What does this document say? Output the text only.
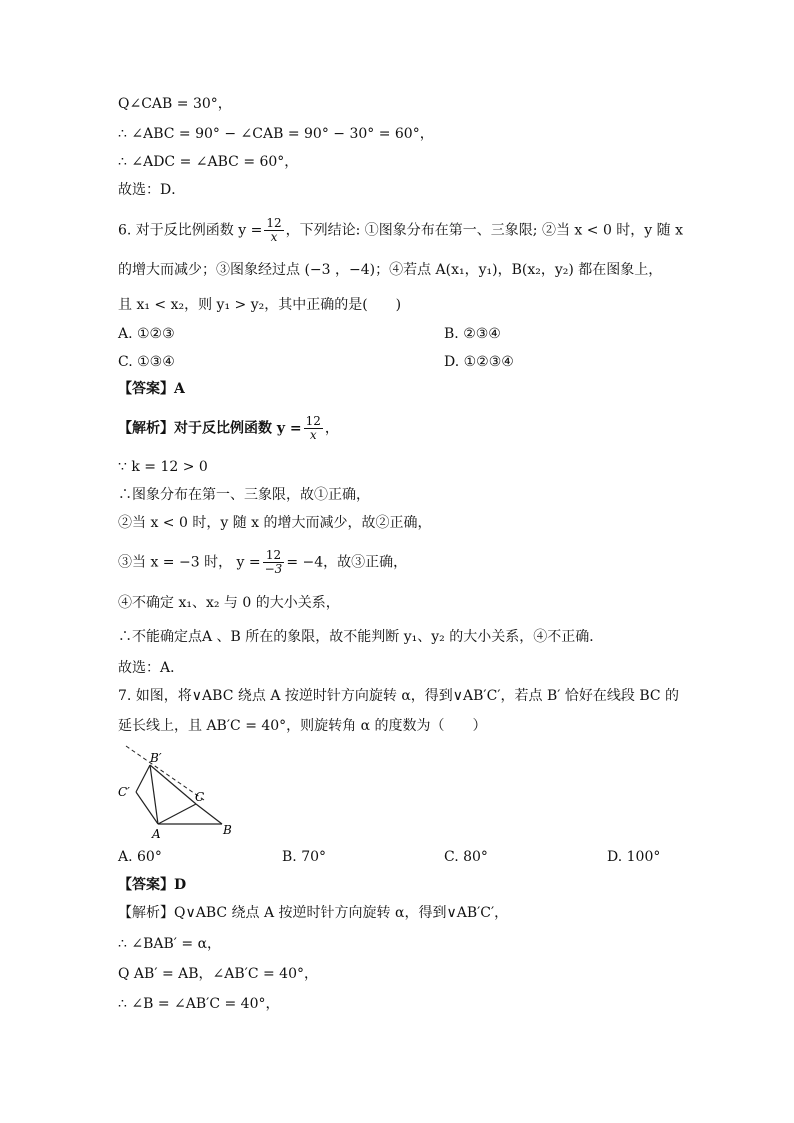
Q∠CAB = 30°，
∴ ∠ABC = 90° − ∠CAB = 90° − 30° = 60°，
∴ ∠ADC = ∠ABC = 60°，
故选：D．
6. 对于反比例函数 $y = \frac{12}{x}$ ，下列结论: ①图象分布在第一、三象限; ②当 x < 0 时，y 随 x
的增大而减少；③图象经过点 (−3 ，−4)；④若点 A(x₁，y₁)，B(x₂，y₂) 都在图象上，
且 x₁ < x₂，则 y₁ > y₂，其中正确的是(　　)
A. ①②③	B. ②③④
C. ①③④	D. ①②③④
【答案】A
【解析】对于反比例函数 $y = \frac{12}{x}$ ，
∵ k = 12 > 0
∴图象分布在第一、三象限，故①正确，
②当 x < 0 时，y 随 x 的增大而减少，故②正确，
③当 x = −3 时， $y = \frac{12}{-3} = -4$，故③正确，
④不确定 x₁、x₂ 与 0 的大小关系，
∴不能确定点A 、B 所在的象限，故不能判断 y₁、y₂ 的大小关系，④不正确．
故选：A．
7. 如图，将∨ABC 绕点 A 按逆时针方向旋转 α，得到∨AB′C′，若点 B′ 恰好在线段 BC 的
延长线上，且 AB′C = 40°，则旋转角 α 的度数为（　　）
B′
C′	C
A	B
A. 60°	B. 70°	C. 80°	D. 100°
【答案】D
【解析】Q∨ABC 绕点 A 按逆时针方向旋转 α，得到∨AB′C′，
∴ ∠BAB′ = α，
Q AB′ = AB，∠AB′C = 40°，
∴ ∠B = ∠AB′C = 40°，
